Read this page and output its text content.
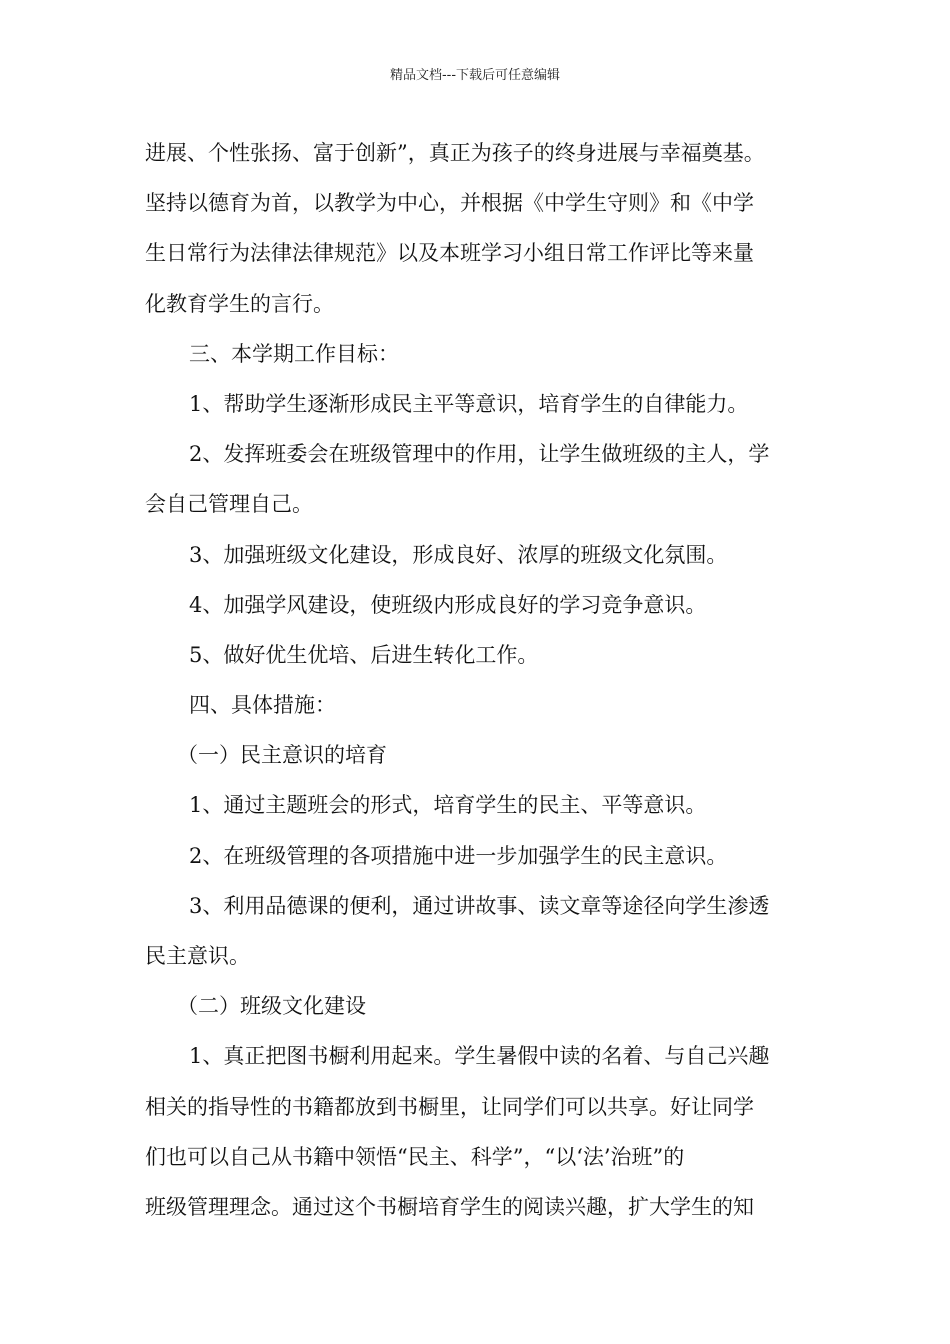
精品文档---下载后可任意编辑
进展、个性张扬、富于创新”，真正为孩子的终身进展与幸福奠基。
坚持以德育为首，以教学为中心，并根据《中学生守则》和《中学
生日常行为法律法律规范》以及本班学习小组日常工作评比等来量
化教育学生的言行。
三、本学期工作目标：
1、帮助学生逐渐形成民主平等意识，培育学生的自律能力。
2、发挥班委会在班级管理中的作用，让学生做班级的主人，学
会自己管理自己。
3、加强班级文化建设，形成良好、浓厚的班级文化氛围。
4、加强学风建设，使班级内形成良好的学习竞争意识。
5、做好优生优培、后进生转化工作。
四、具体措施：
（一）民主意识的培育
1、通过主题班会的形式，培育学生的民主、平等意识。
2、在班级管理的各项措施中进一步加强学生的民主意识。
3、利用品德课的便利，通过讲故事、读文章等途径向学生渗透
民主意识。
（二）班级文化建设
1、真正把图书橱利用起来。学生暑假中读的名着、与自己兴趣
相关的指导性的书籍都放到书橱里，让同学们可以共享。好让同学
们也可以自己从书籍中领悟“民主、科学”，“以‘法’治班”的
班级管理理念。通过这个书橱培育学生的阅读兴趣，扩大学生的知
